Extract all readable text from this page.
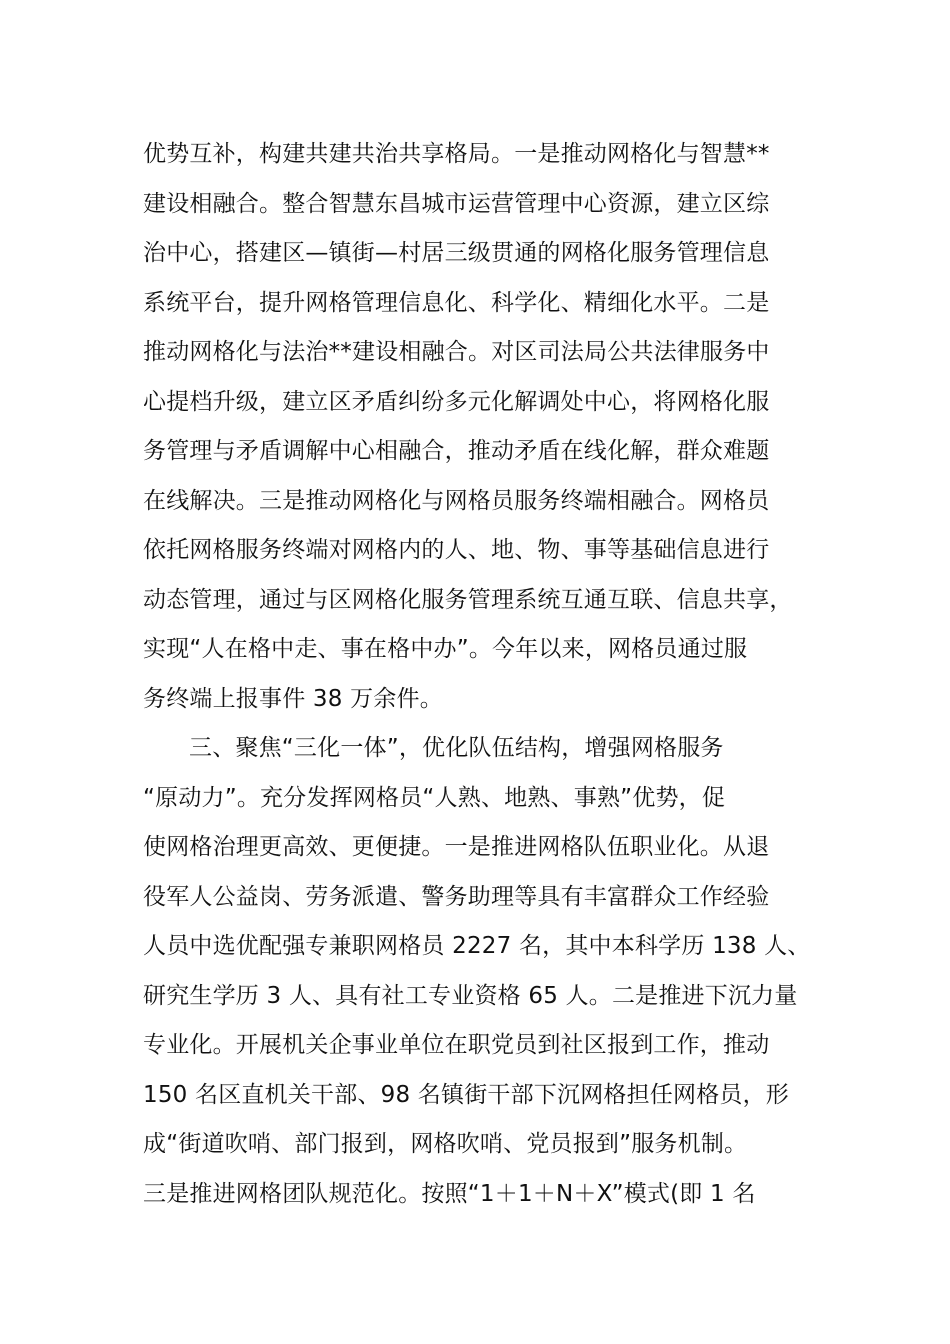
优势互补，构建共建共治共享格局。一是推动网格化与智慧**
建设相融合。整合智慧东昌城市运营管理中心资源，建立区综
治中心，搭建区—镇街—村居三级贯通的网格化服务管理信息
系统平台，提升网格管理信息化、科学化、精细化水平。二是
推动网格化与法治**建设相融合。对区司法局公共法律服务中
心提档升级，建立区矛盾纠纷多元化解调处中心，将网格化服
务管理与矛盾调解中心相融合，推动矛盾在线化解，群众难题
在线解决。三是推动网格化与网格员服务终端相融合。网格员
依托网格服务终端对网格内的人、地、物、事等基础信息进行
动态管理，通过与区网格化服务管理系统互通互联、信息共享，
实现“人在格中走、事在格中办”。今年以来，网格员通过服
务终端上报事件 38 万余件。
三、聚焦“三化一体”，优化队伍结构，增强网格服务
“原动力”。充分发挥网格员“人熟、地熟、事熟”优势，促
使网格治理更高效、更便捷。一是推进网格队伍职业化。从退
役军人公益岗、劳务派遣、警务助理等具有丰富群众工作经验
人员中选优配强专兼职网格员 2227 名，其中本科学历 138 人、
研究生学历 3 人、具有社工专业资格 65 人。二是推进下沉力量
专业化。开展机关企事业单位在职党员到社区报到工作，推动
150 名区直机关干部、98 名镇街干部下沉网格担任网格员，形
成“街道吹哨、部门报到，网格吹哨、党员报到”服务机制。
三是推进网格团队规范化。按照“1＋1＋N＋X”模式(即 1 名
